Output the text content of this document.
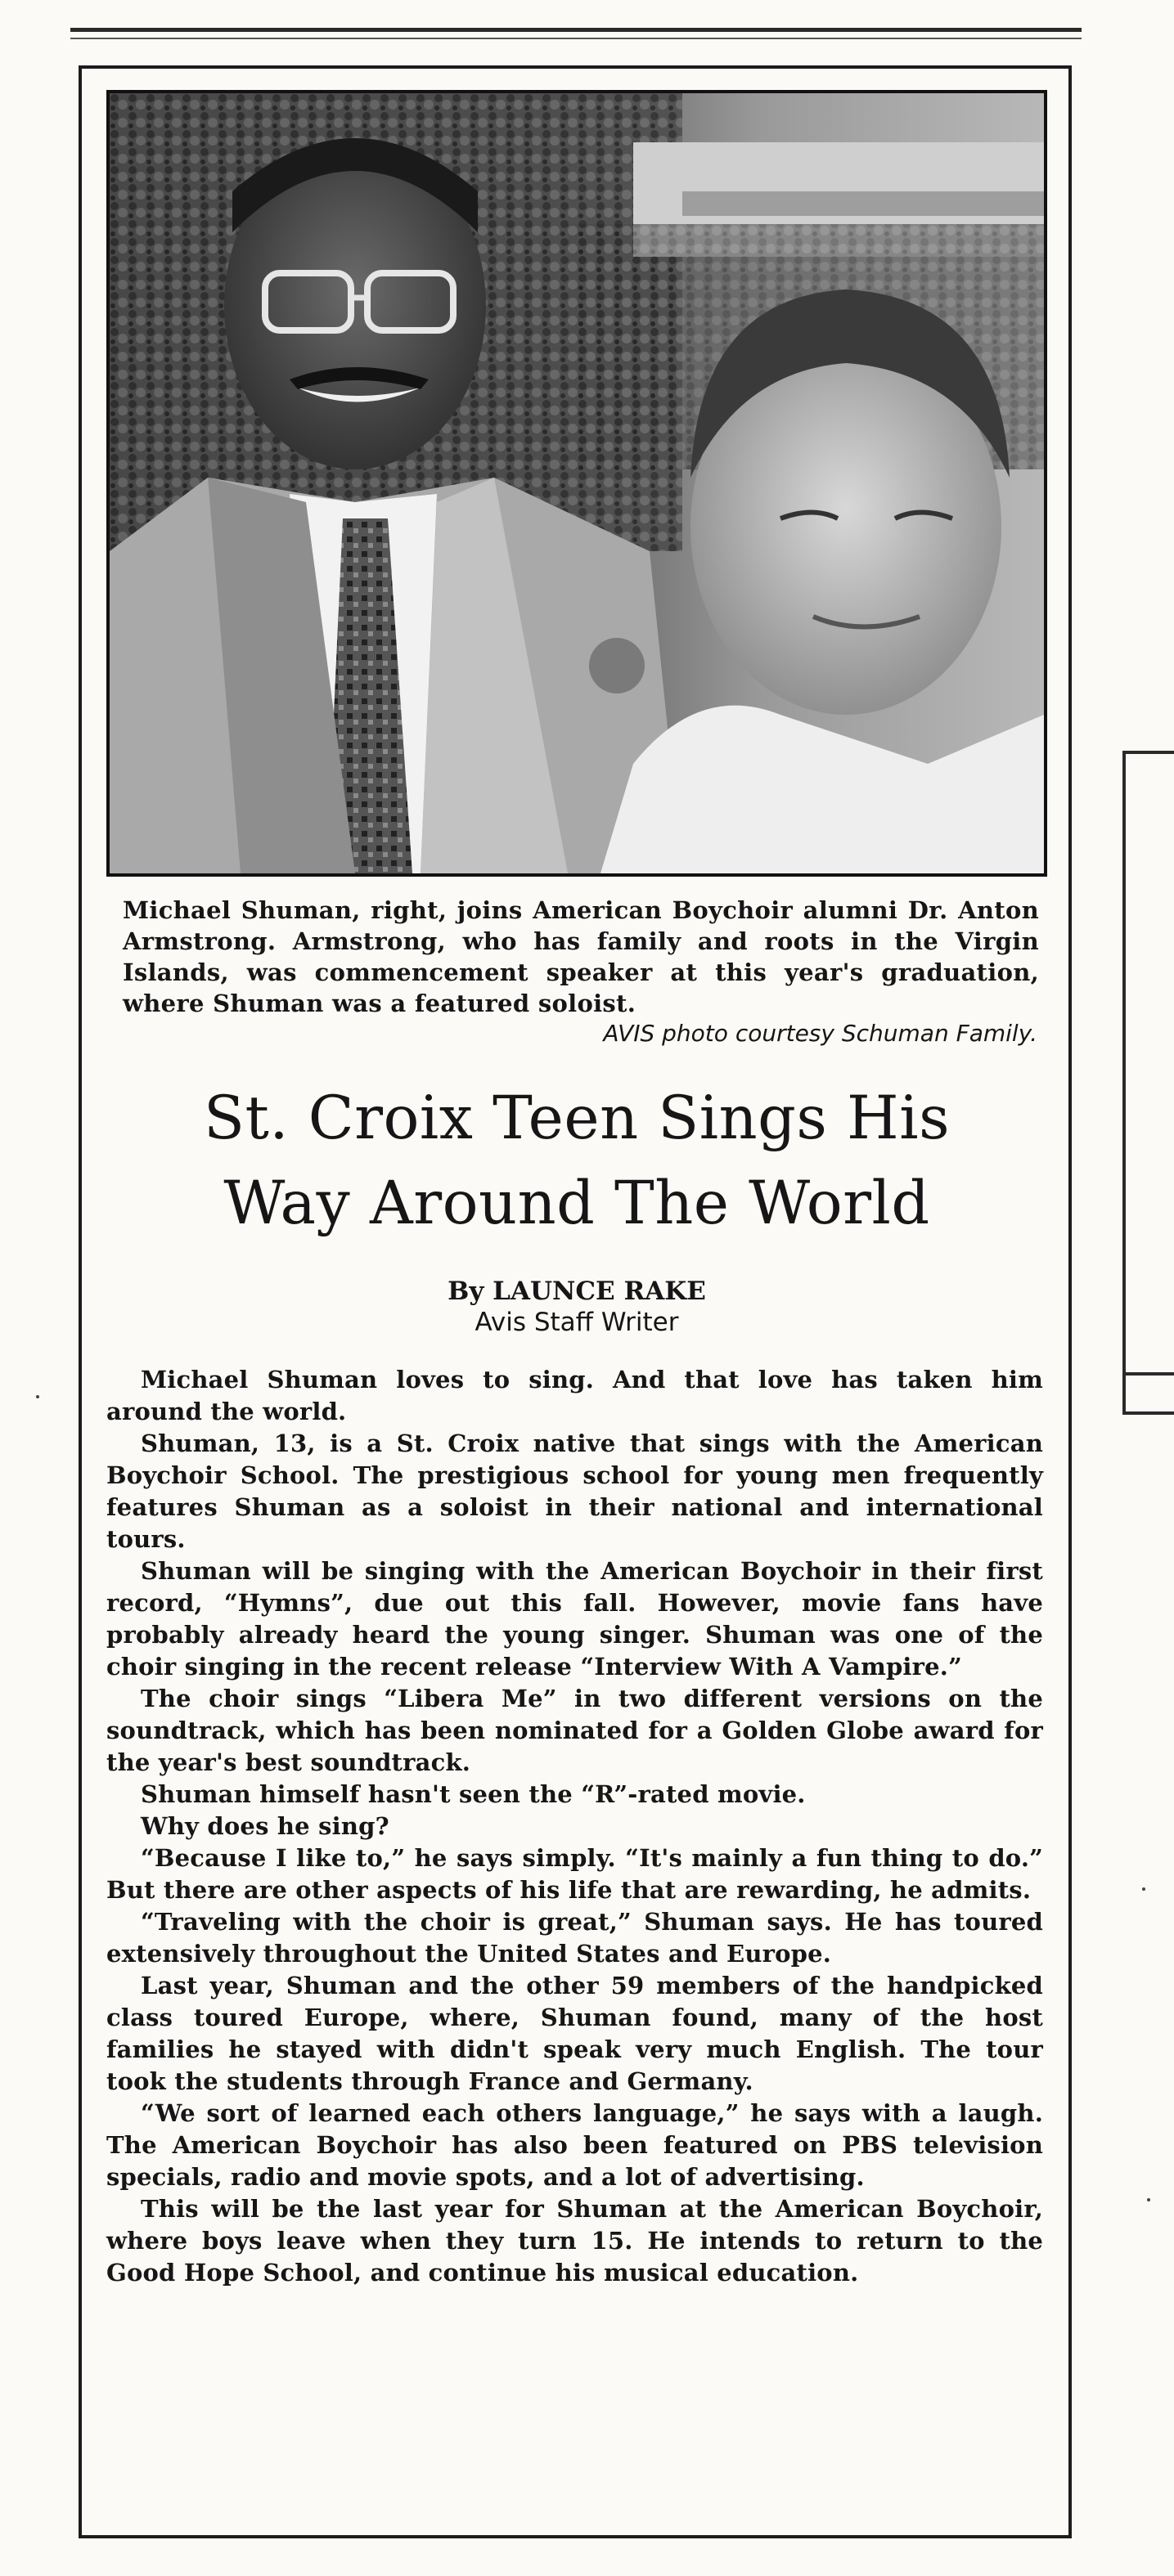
Michael Shuman, right, joins American Boychoir alumni Dr. Anton Armstrong. Armstrong, who has family and roots in the Virgin Islands, was commencement speaker at this year's graduation, where Shuman was a featured soloist.
AVIS photo courtesy Schuman Family.
St. Croix Teen Sings His
Way Around The World
By LAUNCE RAKE
Avis Staff Writer

Michael Shuman loves to sing. And that love has taken him around the world.

Shuman, 13, is a St. Croix native that sings with the American Boychoir School. The prestigious school for young men frequently features Shuman as a soloist in their national and international tours.

Shuman will be singing with the American Boychoir in their first record, “Hymns”, due out this fall. However, movie fans have probably already heard the young singer. Shuman was one of the choir singing in the recent release “Interview With A Vampire.”

The choir sings “Libera Me” in two different versions on the soundtrack, which has been nominated for a Golden Globe award for the year's best soundtrack.

Shuman himself hasn't seen the “R”-rated movie.

Why does he sing?

“Because I like to,” he says simply. “It's mainly a fun thing to do.” But there are other aspects of his life that are rewarding, he admits.

“Traveling with the choir is great,” Shuman says. He has toured extensively throughout the United States and Europe.

Last year, Shuman and the other 59 members of the handpicked class toured Europe, where, Shuman found, many of the host families he stayed with didn't speak very much English. The tour took the students through France and Germany.

“We sort of learned each others language,” he says with a laugh. The American Boychoir has also been featured on PBS television specials, radio and movie spots, and a lot of advertising.

This will be the last year for Shuman at the American Boychoir, where boys leave when they turn 15. He intends to return to the Good Hope School, and continue his musical education.
